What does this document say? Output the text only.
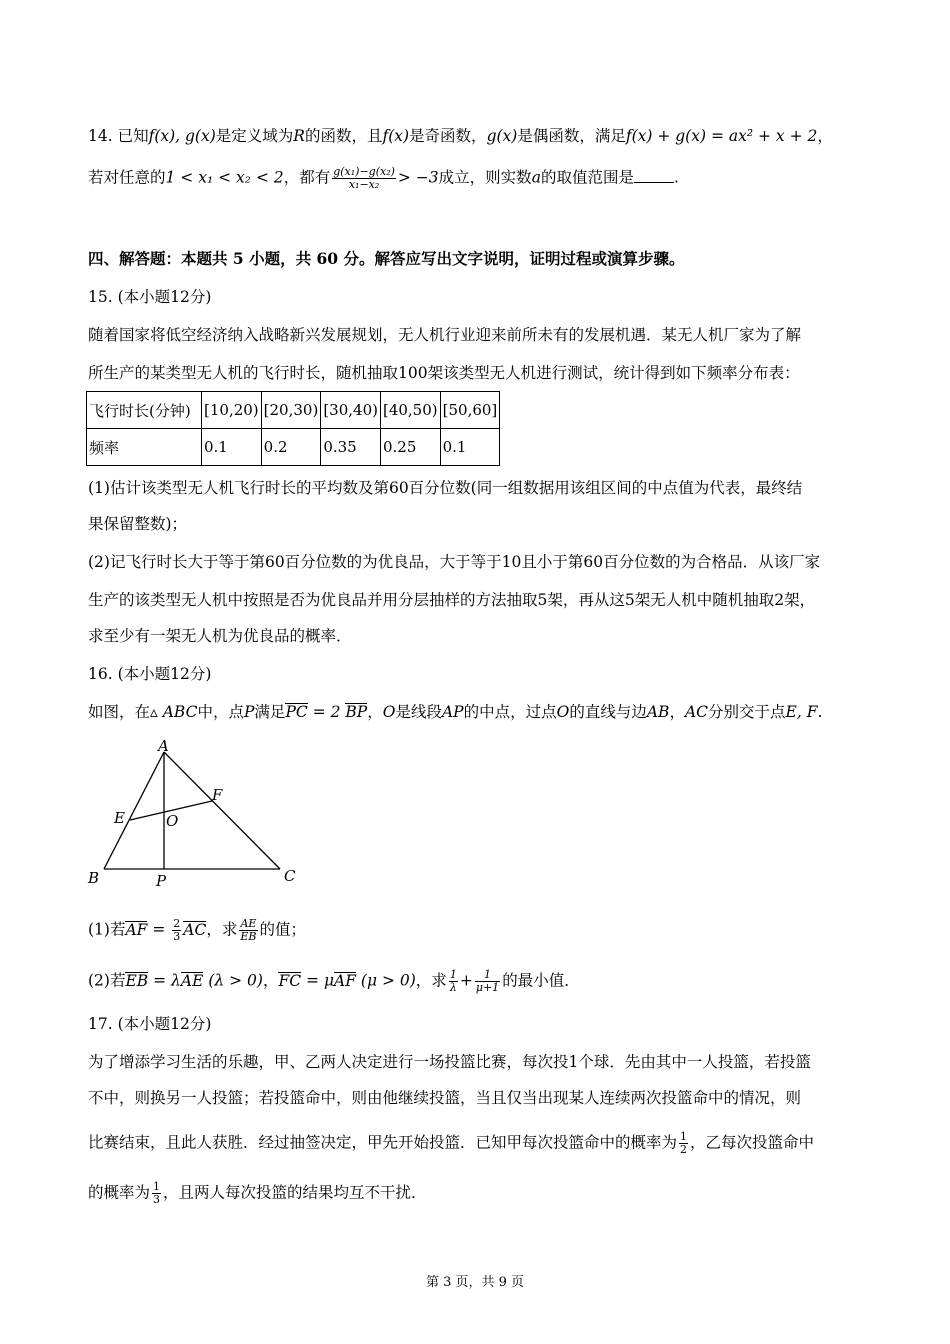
14. 已知f(x), g(x)是定义域为R的函数，且f(x)是奇函数，g(x)是偶函数，满足f(x) + g(x) = ax² + x + 2，
若对任意的1 < x₁ < x₂ < 2，都有 $\frac{\text{g(x₁)−g(x₂)}}{\text{x₁−x₂}} > -3$成立，则实数a的取值范围是	.
四、解答题：本题共 5 小题，共 60 分。解答应写出文字说明，证明过程或演算步骤。
15. (本小题12分)
随着国家将低空经济纳入战略新兴发展规划，无人机行业迎来前所未有的发展机遇．某无人机厂家为了解
所生产的某类型无人机的飞行时长，随机抽取100架该类型无人机进行测试，统计得到如下频率分布表：
飞行时长(分钟)	[10,20)	[20,30)	[30,40)	[40,50)	[50,60]
频率	0.1	0.2	0.35	0.25	0.1
(1)估计该类型无人机飞行时长的平均数及第60百分位数(同一组数据用该组区间的中点值为代表，最终结
果保留整数)；
(2)记飞行时长大于等于第60百分位数的为优良品，大于等于10且小于第60百分位数的为合格品．从该厂家
生产的该类型无人机中按照是否为优良品并用分层抽样的方法抽取5架，再从这5架无人机中随机抽取2架，
求至少有一架无人机为优良品的概率．
16. (本小题12分)
如图，在▵ ABC中，点P满足PC = 2 BP，O是线段AP的中点，过点O的直线与边AB，AC分别交于点E, F.
A
B	C
P
E
F
O
(1)若AF = $\frac{2}{3}$ AC，求 $\frac{AE}{EB}$ 的值；
(2)若EB = λAE (λ > 0)，FC = μAF (μ > 0)，求 $\frac{1}{\lambda} + \frac{1}{\mu+1}$ 的最小值．
17. (本小题12分)
为了增添学习生活的乐趣，甲、乙两人决定进行一场投篮比赛，每次投1个球．先由其中一人投篮，若投篮
不中，则换另一人投篮；若投篮命中，则由他继续投篮，当且仅当出现某人连续两次投篮命中的情况，则
比赛结束，且此人获胜．经过抽签决定，甲先开始投篮．已知甲每次投篮命中的概率为 $\frac{1}{2}$ ，乙每次投篮命中
的概率为 $\frac{1}{3}$ ，且两人每次投篮的结果均互不干扰．
第 3 页，共 9 页
